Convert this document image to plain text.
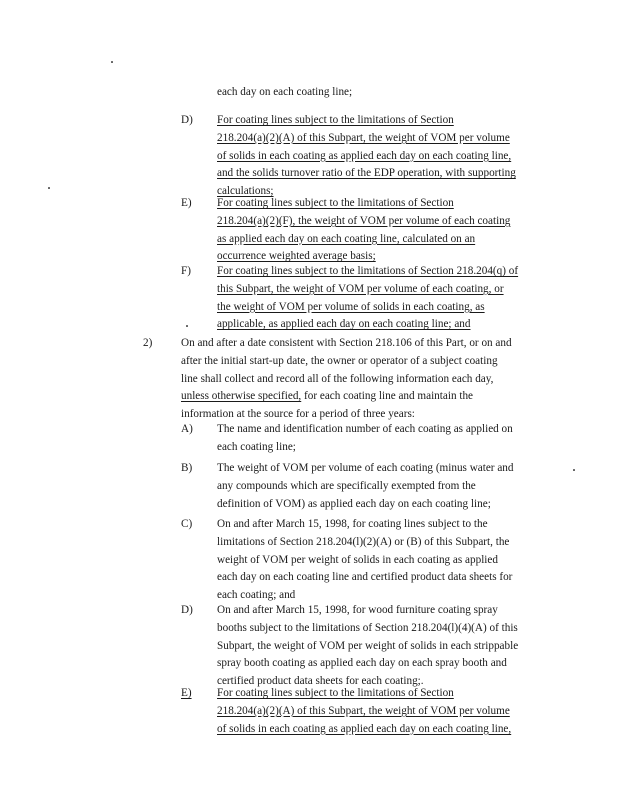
each day on each coating line;
D) For coating lines subject to the limitations of Section
218.204(a)(2)(A) of this Subpart, the weight of VOM per volume
of solids in each coating as applied each day on each coating line,
and the solids turnover ratio of the EDP operation, with supporting
calculations;
E) For coating lines subject to the limitations of Section
218.204(a)(2)(F), the weight of VOM per volume of each coating
as applied each day on each coating line, calculated on an
occurrence weighted average basis;
F) For coating lines subject to the limitations of Section 218.204(q) of
this Subpart, the weight of VOM per volume of each coating, or
the weight of VOM per volume of solids in each coating, as
applicable, as applied each day on each coating line; and
2)	On and after a date consistent with Section 218.106 of this Part, or on and
after the initial start-up date, the owner or operator of a subject coating
line shall collect and record all of the following information each day,
unless otherwise specified, for each coating line and maintain the
information at the source for a period of three years:
A) The name and identification number of each coating as applied on
each coating line;
B) The weight of VOM per volume of each coating (minus water and
any compounds which are specifically exempted from the
definition of VOM) as applied each day on each coating line;
C) On and after March 15, 1998, for coating lines subject to the
limitations of Section 218.204(l)(2)(A) or (B) of this Subpart, the
weight of VOM per weight of solids in each coating as applied
each day on each coating line and certified product data sheets for
each coating; and
D) On and after March 15, 1998, for wood furniture coating spray
booths subject to the limitations of Section 218.204(l)(4)(A) of this
Subpart, the weight of VOM per weight of solids in each strippable
spray booth coating as applied each day on each spray booth and
certified product data sheets for each coating;.
E) For coating lines subject to the limitations of Section
218.204(a)(2)(A) of this Subpart, the weight of VOM per volume
of solids in each coating as applied each day on each coating line,
